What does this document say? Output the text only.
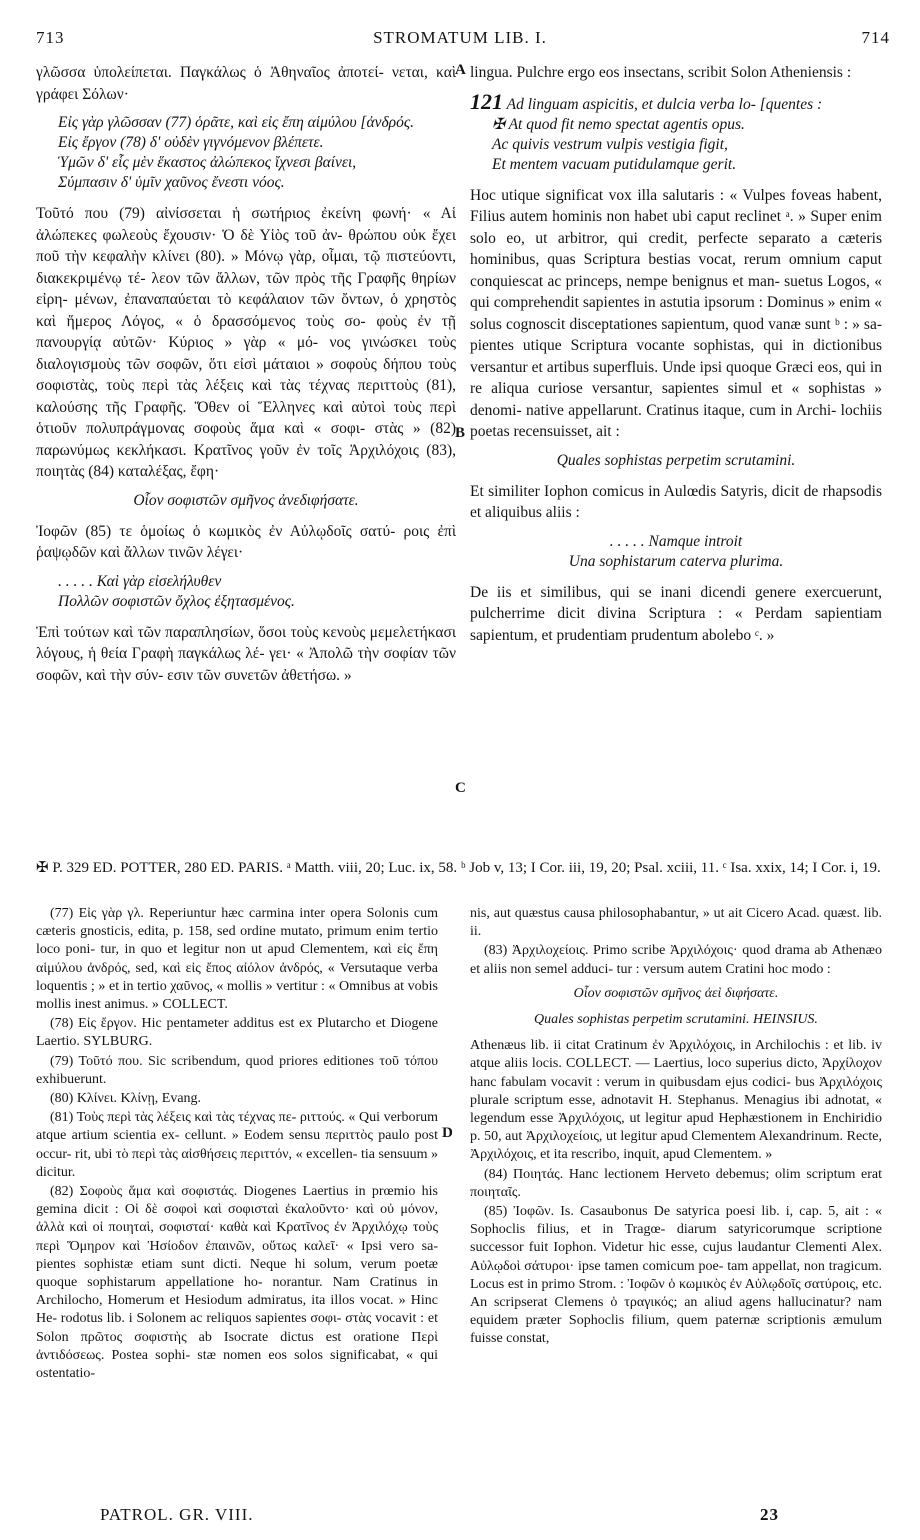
713	STROMATUM LIB. I.	714

γλῶσσα ὑπολείπεται. Παγκάλως ὁ Ἀθηναῖος ἀποτεί- νεται, καὶ γράφει Σόλων·

Εἰς γὰρ γλῶσσαν (77) ὁρᾶτε, καὶ εἰς ἔπη αἱμύλου [ἀνδρός.
Εἰς ἔργον (78) δ' οὐδὲν γιγνόμενον βλέπετε.
Ὑμῶν δ' εἷς μὲν ἕκαστος ἀλώπεκος ἴχνεσι βαίνει,
Σύμπασιν δ' ὑμῖν χαῦνος ἔνεστι νόος.

Τοῦτό που (79) αἰνίσσεται ἡ σωτήριος ἐκείνη φωνή· « Αἱ ἀλώπεκες φωλεοὺς ἔχουσιν· Ὁ δὲ Υἱὸς τοῦ ἀν- θρώπου οὐκ ἔχει ποῦ τὴν κεφαλὴν κλίνει (80). » Μόνῳ γὰρ, οἶμαι, τῷ πιστεύοντι, διακεκριμένῳ τέ- λεον τῶν ἄλλων, τῶν πρὸς τῆς Γραφῆς θηρίων εἰρη- μένων, ἐπαναπαύεται τὸ κεφάλαιον τῶν ὄντων, ὁ χρηστὸς καὶ ἥμερος Λόγος, « ὁ δρασσόμενος τοὺς σο- φοὺς ἐν τῇ πανουργίᾳ αὐτῶν· Κύριος » γὰρ « μό- νος γινώσκει τοὺς διαλογισμοὺς τῶν σοφῶν, ὅτι εἰσὶ μάταιοι » σοφοὺς δήπου τοὺς σοφιστὰς, τοὺς περὶ τὰς λέξεις καὶ τὰς τέχνας περιττοὺς (81), καλούσης τῆς Γραφῆς. Ὅθεν οἱ Ἕλληνες καὶ αὐτοὶ τοὺς περὶ ὁτιοῦν πολυπράγμονας σοφοὺς ἅμα καὶ « σοφι- στὰς » (82) παρωνύμως κεκλήκασι. Κρατῖνος γοῦν ἐν τοῖς Ἀρχιλόχοις (83), ποιητὰς (84) καταλέξας, ἔφη·

Οἷον σοφιστῶν σμῆνος ἀνεδιφήσατε.

Ἰοφῶν (85) τε ὁμοίως ὁ κωμικὸς ἐν Αὐλῳδοῖς σατύ- ροις ἐπὶ ῥαψῳδῶν καὶ ἄλλων τινῶν λέγει·

. . . . . Καὶ γὰρ εἰσελήλυθεν
Πολλῶν σοφιστῶν ὄχλος ἐξητασμένος.

Ἐπὶ τούτων καὶ τῶν παραπλησίων, ὅσοι τοὺς κενοὺς μεμελετήκασι λόγους, ἡ θεία Γραφὴ παγκάλως λέ- γει· « Ἀπολῶ τὴν σοφίαν τῶν σοφῶν, καὶ τὴν σύν- εσιν τῶν συνετῶν ἀθετήσω. »

A
B
C
D

lingua. Pulchre ergo eos insectans, scribit Solon Atheniensis :

121 Ad linguam aspicitis, et dulcia verba lo- [quentes :
✠ At quod fit nemo spectat agentis opus.
Ac quivis vestrum vulpis vestigia figit,
Et mentem vacuam putidulamque gerit.

Hoc utique significat vox illa salutaris : « Vulpes foveas habent, Filius autem hominis non habet ubi caput reclinet ᵃ. » Super enim solo eo, ut arbitror, qui credit, perfecte separato a cæteris hominibus, quas Scriptura bestias vocat, rerum omnium caput conquiescat ac princeps, nempe benignus et man- suetus Logos, « qui comprehendit sapientes in astutia ipsorum : Dominus » enim « solus cognoscit disceptationes sapientum, quod vanæ sunt ᵇ : » sa- pientes utique Scriptura vocante sophistas, qui in dictionibus versantur et artibus superfluis. Unde ipsi quoque Græci eos, qui in re aliqua curiose versantur, sapientes simul et « sophistas » denomi- native appellarunt. Cratinus itaque, cum in Archi- lochiis poetas recensuisset, ait :

Quales sophistas perpetim scrutamini.

Et similiter Iophon comicus in Aulœdis Satyris, dicit de rhapsodis et aliquibus aliis :

. . . . . Namque introit
Una sophistarum caterva plurima.

De iis et similibus, qui se inani dicendi genere exercuerunt, pulcherrime dicit divina Scriptura : « Perdam sapientiam sapientum, et prudentiam prudentum abolebo ᶜ. »

✠ P. 329 ED. POTTER, 280 ED. PARIS. ᵃ Matth. viii, 20; Luc. ix, 58. ᵇ Job v, 13; I Cor. iii, 19, 20; Psal. xciii, 11. ᶜ Isa. xxix, 14; I Cor. i, 19.

(77) Εἰς γὰρ γλ. Reperiuntur hæc carmina inter opera Solonis cum cæteris gnosticis, edita, p. 158, sed ordine mutato, primum enim tertio loco poni- tur, in quo et legitur non ut apud Clementem, καὶ εἰς ἔπη αἱμύλου ἀνδρός, sed, καὶ εἰς ἔπος αἰόλον ἀνδρός, « Versutaque verba loquentis ; » et in tertio χαῦνος, « mollis » vertitur : « Omnibus at vobis mollis inest animus. » COLLECT.

(78) Εἰς ἔργον. Hic pentameter additus est ex Plutarcho et Diogene Laertio. SYLBURG.

(79) Τοῦτό που. Sic scribendum, quod priores editiones τοῦ τόπου exhibuerunt.

(80) Κλίνει. Κλίνῃ, Evang.

(81) Τοὺς περὶ τὰς λέξεις καὶ τὰς τέχνας πε- ριττούς. « Qui verborum atque artium scientia ex- cellunt. » Eodem sensu περιττὸς paulo post occur- rit, ubi τὸ περὶ τὰς αἰσθήσεις περιττόν, « excellen- tia sensuum » dicitur.

(82) Σοφοὺς ἅμα καὶ σοφιστάς. Diogenes Laertius in prœmio his gemina dicit : Οἱ δὲ σοφοὶ καὶ σοφισταὶ ἐκαλοῦντο· καὶ οὐ μόνον, ἀλλὰ καὶ οἱ ποιηταὶ, σοφισταί· καθὰ καὶ Κρατῖνος ἐν Ἀρχιλόχῳ τοὺς περὶ Ὅμηρον καὶ Ἡσίοδον ἐπαινῶν, οὕτως καλεῖ· « Ipsi vero sa- pientes sophistæ etiam sunt dicti. Neque hi solum, verum poetæ quoque sophistarum appellatione ho- norantur. Nam Cratinus in Archilocho, Homerum et Hesiodum admiratus, ita illos vocat. » Hinc He- rodotus lib. i Solonem ac reliquos sapientes σοφι- στὰς vocavit : et Solon πρῶτος σοφιστὴς ab Isocrate dictus est oratione Περὶ ἀντιδόσεως. Postea sophi- stæ nomen eos solos significabat, « qui ostentatio-

nis, aut quæstus causa philosophabantur, » ut ait Cicero Acad. quæst. lib. ii.

(83) Ἀρχιλοχείοις. Primo scribe Ἀρχιλόχοις· quod drama ab Athenæo et aliis non semel adduci- tur : versum autem Cratini hoc modo :

Οἷον σοφιστῶν σμῆνος ἀεὶ διφήσατε.
Quales sophistas perpetim scrutamini. HEINSIUS.

Athenæus lib. ii citat Cratinum ἐν Ἀρχιλόχοις, in Archilochis : et lib. iv atque aliis locis. COLLECT. — Laertius, loco superius dicto, Ἀρχίλοχον hanc fabulam vocavit : verum in quibusdam ejus codici- bus Ἀρχιλόχοις plurale scriptum esse, adnotavit H. Stephanus. Menagius ibi adnotat, « legendum esse Ἀρχιλόχοις, ut legitur apud Hephæstionem in Enchiridio p. 50, aut Ἀρχιλοχείοις, ut legitur apud Clementem Alexandrinum. Recte, Ἀρχιλόχοις, et ita rescribo, inquit, apud Clementem. »

(84) Ποιητάς. Hanc lectionem Herveto debemus; olim scriptum erat ποιηταῖς.

(85) Ἰοφῶν. Is. Casaubonus De satyrica poesi lib. i, cap. 5, ait : « Sophoclis filius, et in Tragœ- diarum satyricorumque scriptione successor fuit Iophon. Videtur hic esse, cujus laudantur Clementi Alex. Αὐλῳδοὶ σάτυροι· ipse tamen comicum poe- tam appellat, non tragicum. Locus est in primo Strom. : Ἰοφῶν ὁ κωμικὸς ἐν Αὐλῳδοῖς σατύροις, etc. An scripserat Clemens ὁ τραγικός; an aliud agens hallucinatur? nam equidem præter Sophoclis filium, quem paternæ scriptionis æmulum fuisse constat,

PATROL. GR. VIII.	23
